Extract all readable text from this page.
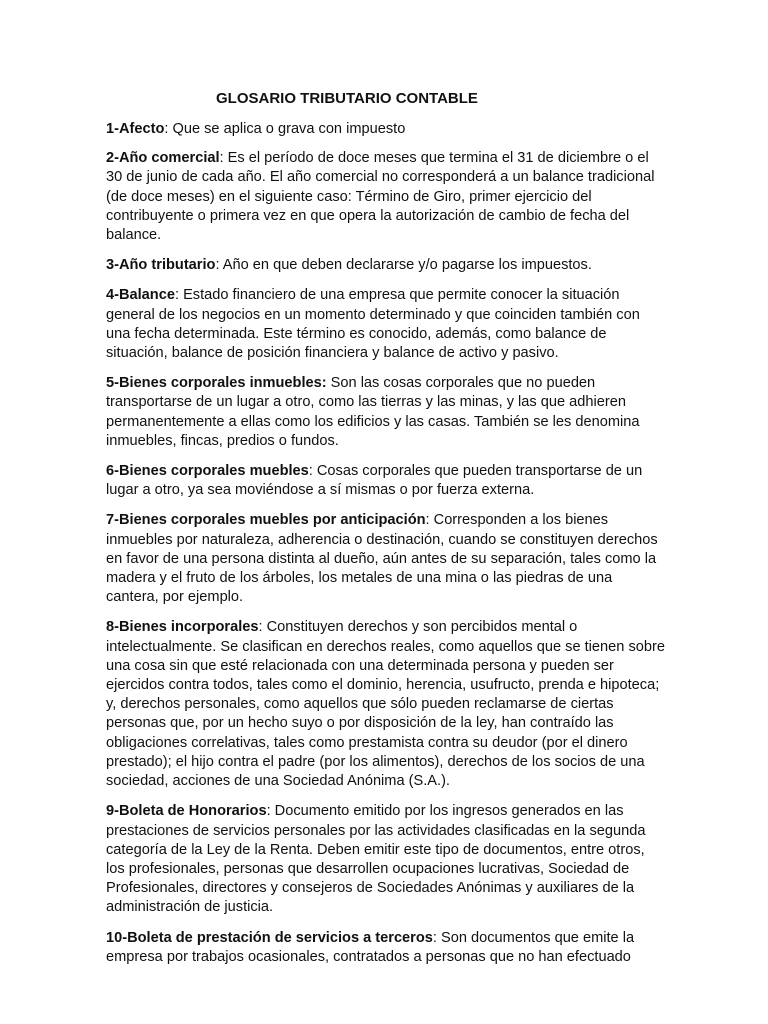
GLOSARIO TRIBUTARIO CONTABLE

1-Afecto: Que se aplica o grava con impuesto

2-Año comercial: Es el período de doce meses que termina el 31 de diciembre o el 30 de junio de cada año. El año comercial no corresponderá a un balance tradicional (de doce meses) en el siguiente caso: Término de Giro, primer ejercicio del contribuyente o primera vez en que opera la autorización de cambio de fecha del balance.

3-Año tributario: Año en que deben declararse y/o pagarse los impuestos.

4-Balance: Estado financiero de una empresa que permite conocer la situación general de los negocios en un momento determinado y que coinciden también con una fecha determinada. Este término es conocido, además, como balance de situación, balance de posición financiera y balance de activo y pasivo.

5-Bienes corporales inmuebles: Son las cosas corporales que no pueden transportarse de un lugar a otro, como las tierras y las minas, y las que adhieren permanentemente a ellas como los edificios y las casas. También se les denomina inmuebles, fincas, predios o fundos.

6-Bienes corporales muebles: Cosas corporales que pueden transportarse de un lugar a otro, ya sea moviéndose a sí mismas o por fuerza externa.

7-Bienes corporales muebles por anticipación: Corresponden a los bienes inmuebles por naturaleza, adherencia o destinación, cuando se constituyen derechos en favor de una persona distinta al dueño, aún antes de su separación, tales como la madera y el fruto de los árboles, los metales de una mina o las piedras de una cantera, por ejemplo.

8-Bienes incorporales: Constituyen derechos y son percibidos mental o intelectualmente. Se clasifican en derechos reales, como aquellos que se tienen sobre una cosa sin que esté relacionada con una determinada persona y pueden ser ejercidos contra todos, tales como el dominio, herencia, usufructo, prenda e hipoteca; y, derechos personales, como aquellos que sólo pueden reclamarse de ciertas personas que, por un hecho suyo o por disposición de la ley, han contraído las obligaciones correlativas, tales como prestamista contra su deudor (por el dinero prestado); el hijo contra el padre (por los alimentos), derechos de los socios de una sociedad, acciones de una Sociedad Anónima (S.A.).

9-Boleta de Honorarios: Documento emitido por los ingresos generados en las prestaciones de servicios personales por las actividades clasificadas en la segunda categoría de la Ley de la Renta. Deben emitir este tipo de documentos, entre otros, los profesionales, personas que desarrollen ocupaciones lucrativas, Sociedad de Profesionales, directores y consejeros de Sociedades Anónimas y auxiliares de la administración de justicia.

10-Boleta de prestación de servicios a terceros: Son documentos que emite la empresa por trabajos ocasionales, contratados a personas que no han efectuado
